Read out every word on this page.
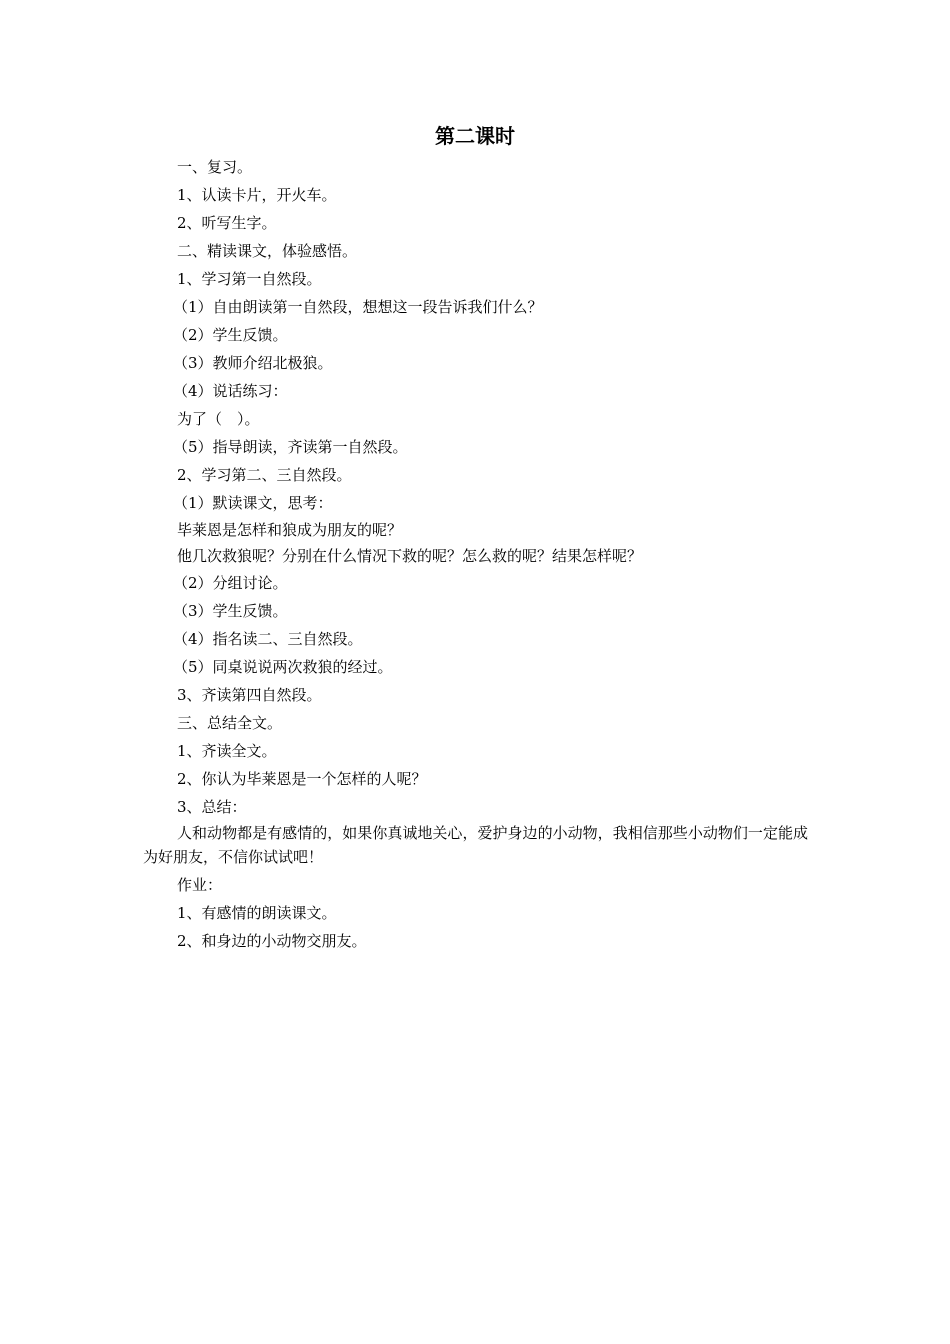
第二课时
一、复习。
1、认读卡片，开火车。
2、听写生字。
二、精读课文，体验感悟。
1、学习第一自然段。
（1）自由朗读第一自然段，想想这一段告诉我们什么？
（2）学生反馈。
（3）教师介绍北极狼。
（4）说话练习：
为了（　）。
（5）指导朗读，齐读第一自然段。
2、学习第二、三自然段。
（1）默读课文，思考：
毕莱恩是怎样和狼成为朋友的呢？
他几次救狼呢？分别在什么情况下救的呢？怎么救的呢？结果怎样呢？
（2）分组讨论。
（3）学生反馈。
（4）指名读二、三自然段。
（5）同桌说说两次救狼的经过。
3、齐读第四自然段。
三、总结全文。
1、齐读全文。
2、你认为毕莱恩是一个怎样的人呢？
3、总结：
人和动物都是有感情的，如果你真诚地关心，爱护身边的小动物，我相信那些小动物们一定能成为好朋友，不信你试试吧！
作业：
1、有感情的朗读课文。
2、和身边的小动物交朋友。
